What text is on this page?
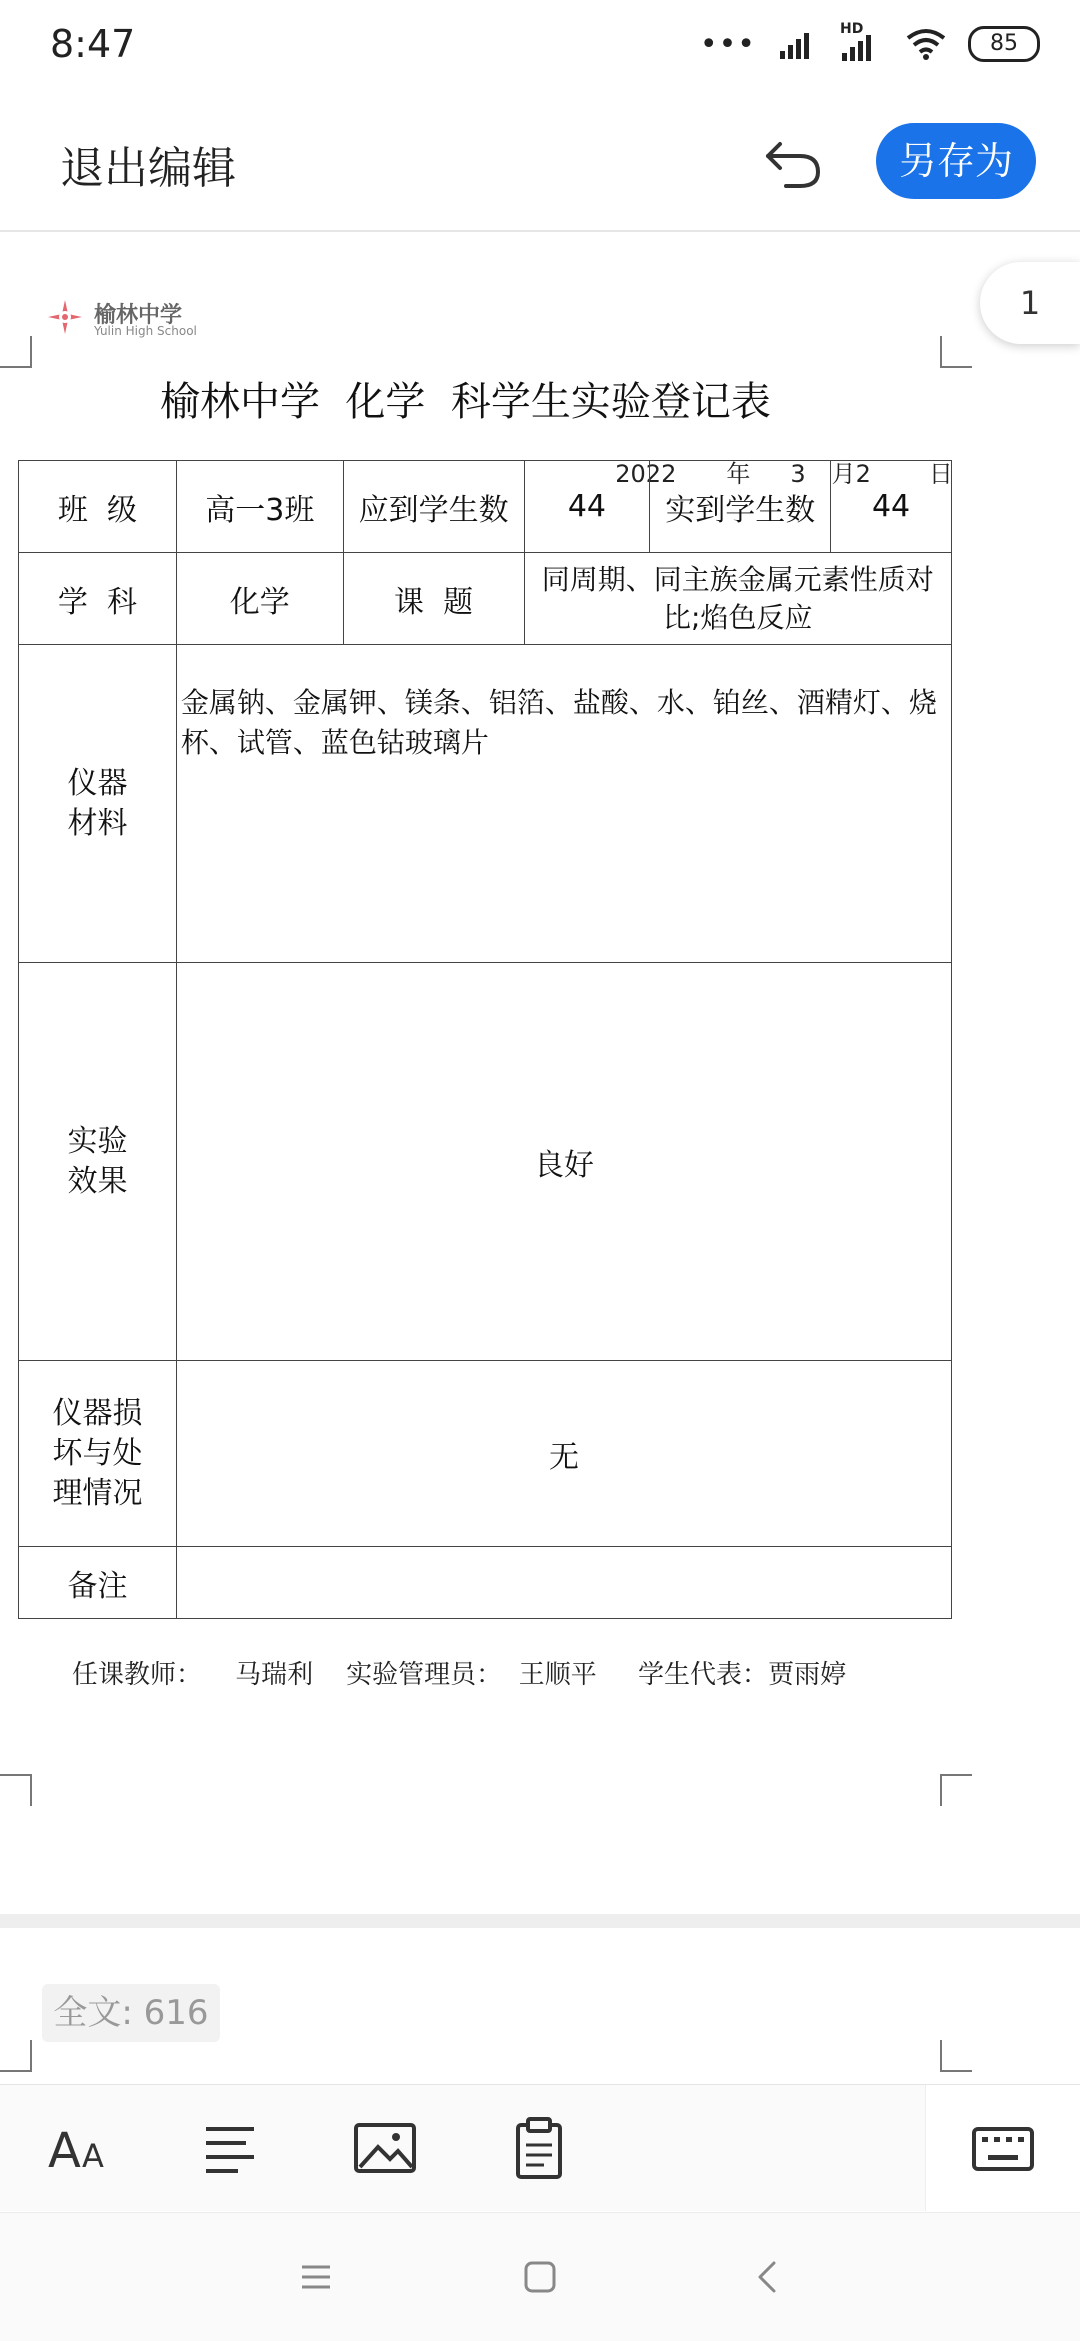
8:47	•••	HD
85
退出编辑	另存为
1
榆林中学
Yulin High School
榆林中学  化学  科学生实验登记表

2022 年 3 月2 日

班  级	高一3班	应到学生数	44	实到学生数	44
学  科	化学	课  题	同周期、同主族金属元素性质对比;焰色反应		

仪器材料	金属钠、金属钾、镁条、铝箔、盐酸、水、铂丝、酒精灯、烧杯、试管、蓝色钴玻璃片				

实验效果	良好				

仪器损坏与处理情况	无				
备注					
任课教师： 马瑞利 实验管理员： 王顺平 学生代表：贾雨婷
全文: 616
A A
